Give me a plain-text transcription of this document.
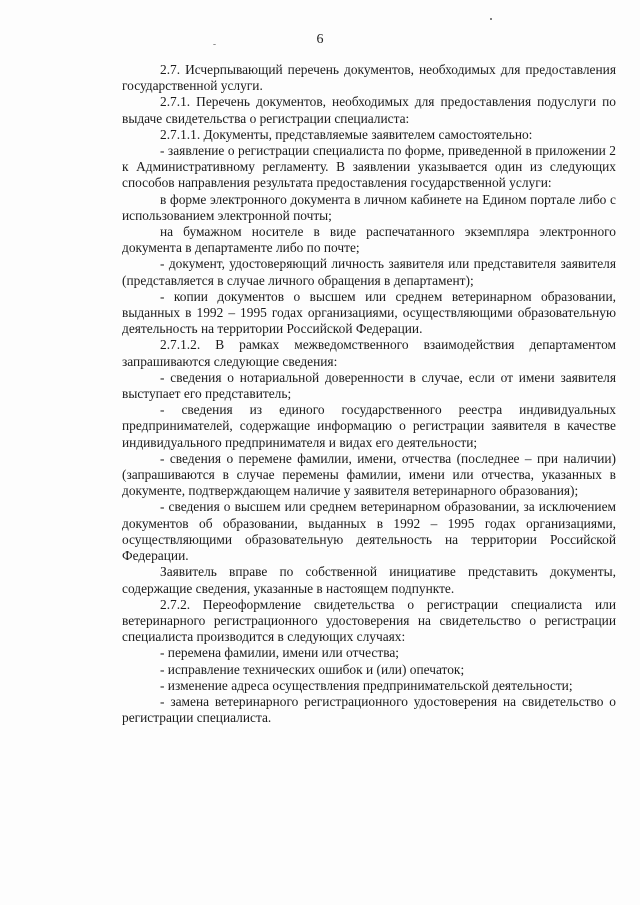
6

2.7. Исчерпывающий перечень документов, необходимых для предоставления государственной услуги.

2.7.1. Перечень документов, необходимых для предоставления подуслуги по выдаче свидетельства о регистрации специалиста:

2.7.1.1. Документы, представляемые заявителем самостоятельно:

- заявление о регистрации специалиста по форме, приведенной в приложении 2 к Административному регламенту. В заявлении указывается один из следующих способов направления результата предоставления государственной услуги:

в форме электронного документа в личном кабинете на Едином портале либо с использованием электронной почты;

на бумажном носителе в виде распечатанного экземпляра электронного документа в департаменте либо по почте;

- документ, удостоверяющий личность заявителя или представителя заявителя (представляется в случае личного обращения в департамент);

- копии документов о высшем или среднем ветеринарном образовании, выданных в 1992 – 1995 годах организациями, осуществляющими образовательную деятельность на территории Российской Федерации.

2.7.1.2. В рамках межведомственного взаимодействия департаментом запрашиваются следующие сведения:

- сведения о нотариальной доверенности в случае, если от имени заявителя выступает его представитель;

- сведения из единого государственного реестра индивидуальных предпринимателей, содержащие информацию о регистрации заявителя в качестве индивидуального предпринимателя и видах его деятельности;

- сведения о перемене фамилии, имени, отчества (последнее – при наличии) (запрашиваются в случае перемены фамилии, имени или отчества, указанных в документе, подтверждающем наличие у заявителя ветеринарного образования);

- сведения о высшем или среднем ветеринарном образовании, за исключением документов об образовании, выданных в 1992 – 1995 годах организациями, осуществляющими образовательную деятельность на территории Российской Федерации.

Заявитель вправе по собственной инициативе представить документы, содержащие сведения, указанные в настоящем подпункте.

2.7.2. Переоформление свидетельства о регистрации специалиста или ветеринарного регистрационного удостоверения на свидетельство о регистрации специалиста производится в следующих случаях:

- перемена фамилии, имени или отчества;

- исправление технических ошибок и (или) опечаток;

- изменение адреса осуществления предпринимательской деятельности;

- замена ветеринарного регистрационного удостоверения на свидетельство о регистрации специалиста.
